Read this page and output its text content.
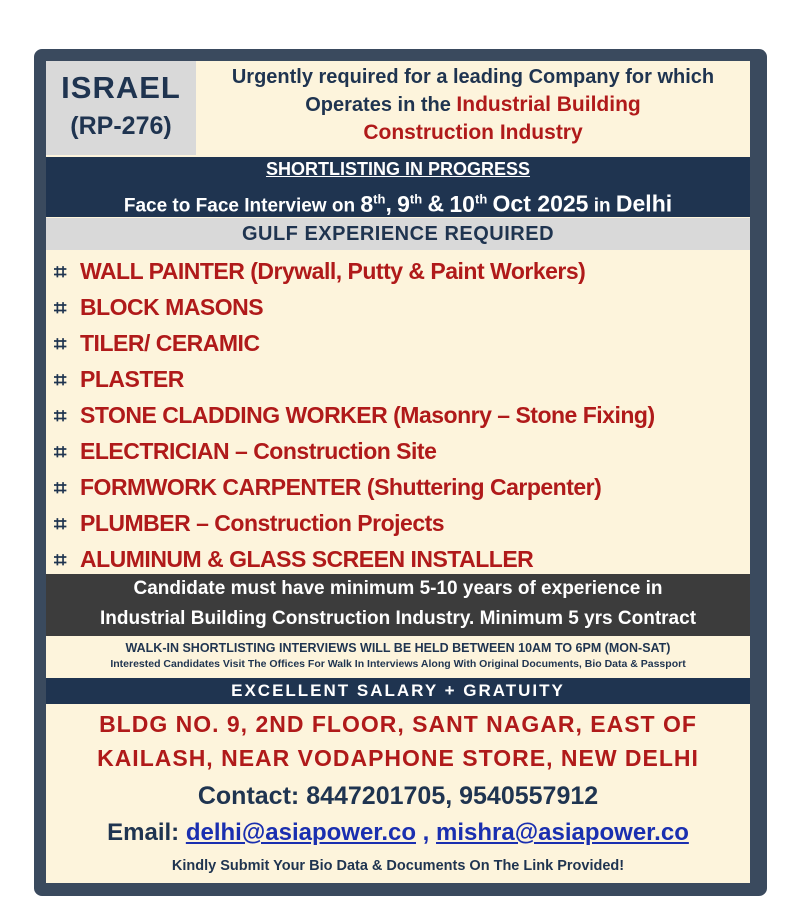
ISRAEL
(RP-276)
Urgently required for a leading Company for which
Operates in the Industrial Building
Construction Industry
SHORTLISTING IN PROGRESS
Face to Face Interview on 8th, 9th & 10th Oct 2025 in Delhi
GULF EXPERIENCE REQUIRED
⌗ WALL PAINTER (Drywall, Putty & Paint Workers)
⌗ BLOCK MASONS
⌗ TILER/ CERAMIC
⌗ PLASTER
⌗ STONE CLADDING WORKER (Masonry – Stone Fixing)
⌗ ELECTRICIAN – Construction Site
⌗ FORMWORK CARPENTER (Shuttering Carpenter)
⌗ PLUMBER – Construction Projects
⌗ ALUMINUM & GLASS SCREEN INSTALLER
Candidate must have minimum 5-10 years of experience in
Industrial Building Construction Industry. Minimum 5 yrs Contract
WALK-IN SHORTLISTING INTERVIEWS WILL BE HELD BETWEEN 10AM TO 6PM (MON-SAT)
Interested Candidates Visit The Offices For Walk In Interviews Along With Original Documents, Bio Data & Passport
EXCELLENT SALARY + GRATUITY
BLDG NO. 9, 2ND FLOOR, SANT NAGAR, EAST OF
KAILASH, NEAR VODAPHONE STORE, NEW DELHI
Contact: 8447201705, 9540557912
Email: delhi@asiapower.co , mishra@asiapower.co
Kindly Submit Your Bio Data & Documents On The Link Provided!
